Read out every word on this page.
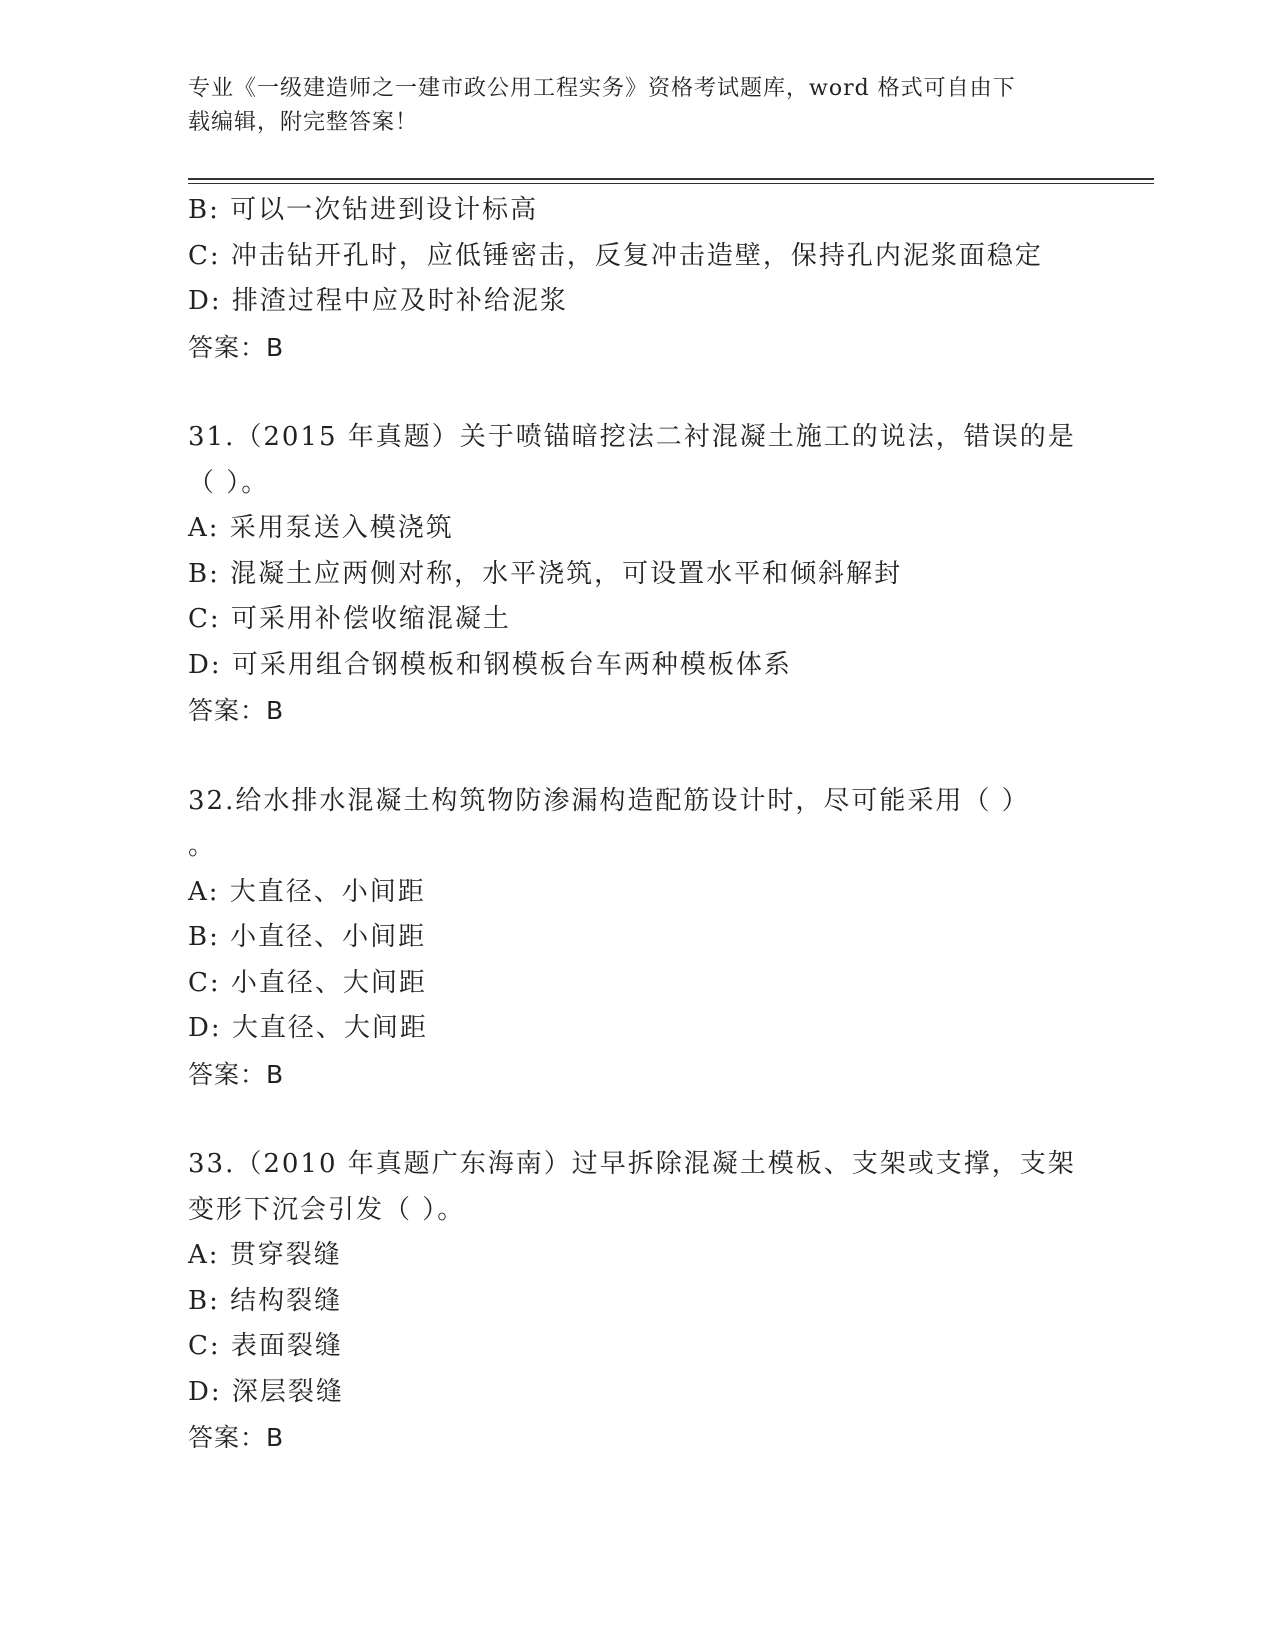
专业《一级建造师之一建市政公用工程实务》资格考试题库，word 格式可自由下
载编辑，附完整答案！
B: 可以一次钻进到设计标高
C: 冲击钻开孔时，应低锤密击，反复冲击造壁，保持孔内泥浆面稳定
D: 排渣过程中应及时补给泥浆
答案：B
31.（2015 年真题）关于喷锚暗挖法二衬混凝土施工的说法，错误的是
（ ）。
A: 采用泵送入模浇筑
B: 混凝土应两侧对称，水平浇筑，可设置水平和倾斜解封
C: 可采用补偿收缩混凝土
D: 可采用组合钢模板和钢模板台车两种模板体系
答案：B
32.给水排水混凝土构筑物防渗漏构造配筋设计时，尽可能采用（ ）
。
A: 大直径、小间距
B: 小直径、小间距
C: 小直径、大间距
D: 大直径、大间距
答案：B
33.（2010 年真题广东海南）过早拆除混凝土模板、支架或支撑，支架
变形下沉会引发（ ）。
A: 贯穿裂缝
B: 结构裂缝
C: 表面裂缝
D: 深层裂缝
答案：B
